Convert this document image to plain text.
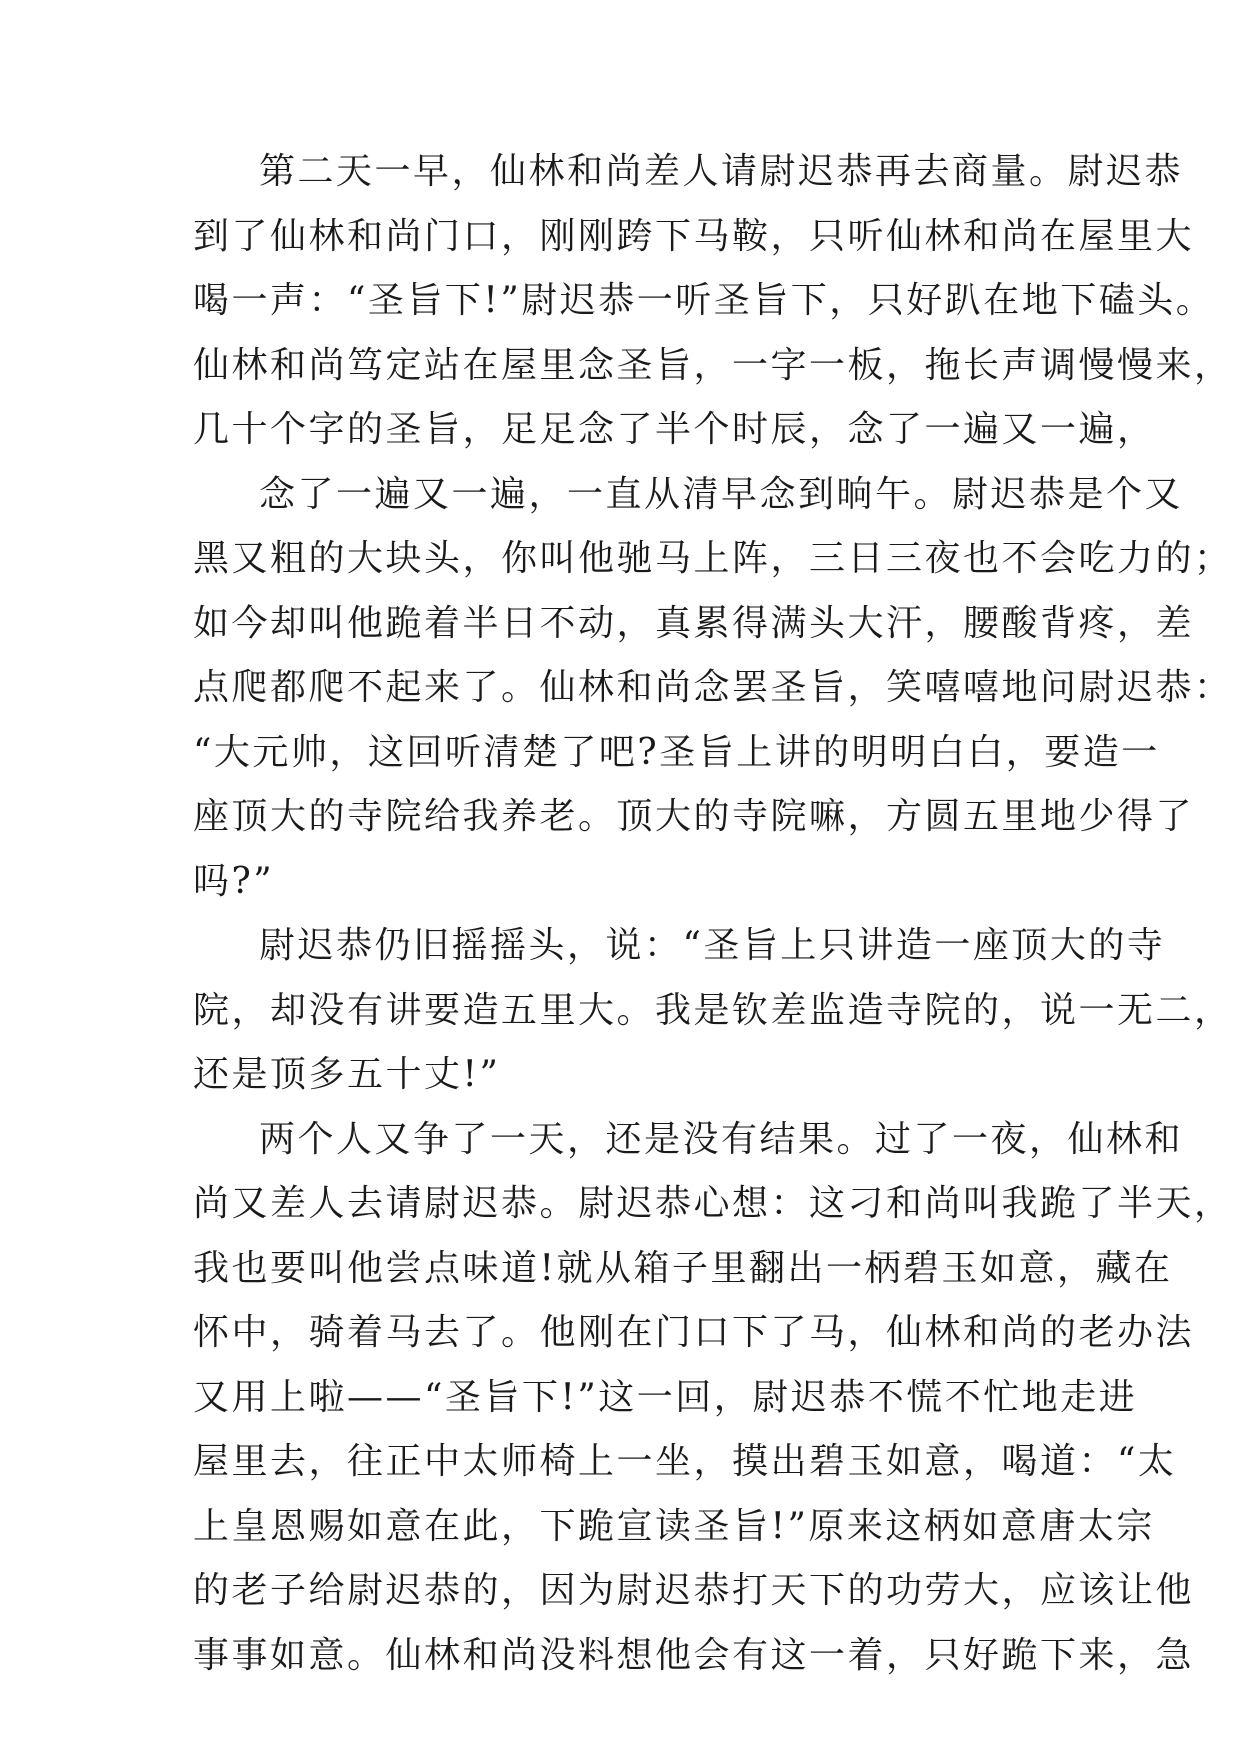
第二天一早，仙林和尚差人请尉迟恭再去商量。尉迟恭
到了仙林和尚门口，刚刚跨下马鞍，只听仙林和尚在屋里大
喝一声：“圣旨下!”尉迟恭一听圣旨下，只好趴在地下磕头。
仙林和尚笃定站在屋里念圣旨，一字一板，拖长声调慢慢来，
几十个字的圣旨，足足念了半个时辰，念了一遍又一遍，
念了一遍又一遍，一直从清早念到晌午。尉迟恭是个又
黑又粗的大块头，你叫他驰马上阵，三日三夜也不会吃力的；
如今却叫他跪着半日不动，真累得满头大汗，腰酸背疼，差
点爬都爬不起来了。仙林和尚念罢圣旨，笑嘻嘻地问尉迟恭：
“大元帅，这回听清楚了吧?圣旨上讲的明明白白，要造一
座顶大的寺院给我养老。顶大的寺院嘛，方圆五里地少得了
吗?”
尉迟恭仍旧摇摇头，说：“圣旨上只讲造一座顶大的寺
院，却没有讲要造五里大。我是钦差监造寺院的，说一无二，
还是顶多五十丈!”
两个人又争了一天，还是没有结果。过了一夜，仙林和
尚又差人去请尉迟恭。尉迟恭心想：这刁和尚叫我跪了半天，
我也要叫他尝点味道!就从箱子里翻出一柄碧玉如意，藏在
怀中，骑着马去了。他刚在门口下了马，仙林和尚的老办法
又用上啦——“圣旨下!”这一回，尉迟恭不慌不忙地走进
屋里去，往正中太师椅上一坐，摸出碧玉如意，喝道：“太
上皇恩赐如意在此，下跪宣读圣旨!”原来这柄如意唐太宗
的老子给尉迟恭的，因为尉迟恭打天下的功劳大，应该让他
事事如意。仙林和尚没料想他会有这一着，只好跪下来，急
